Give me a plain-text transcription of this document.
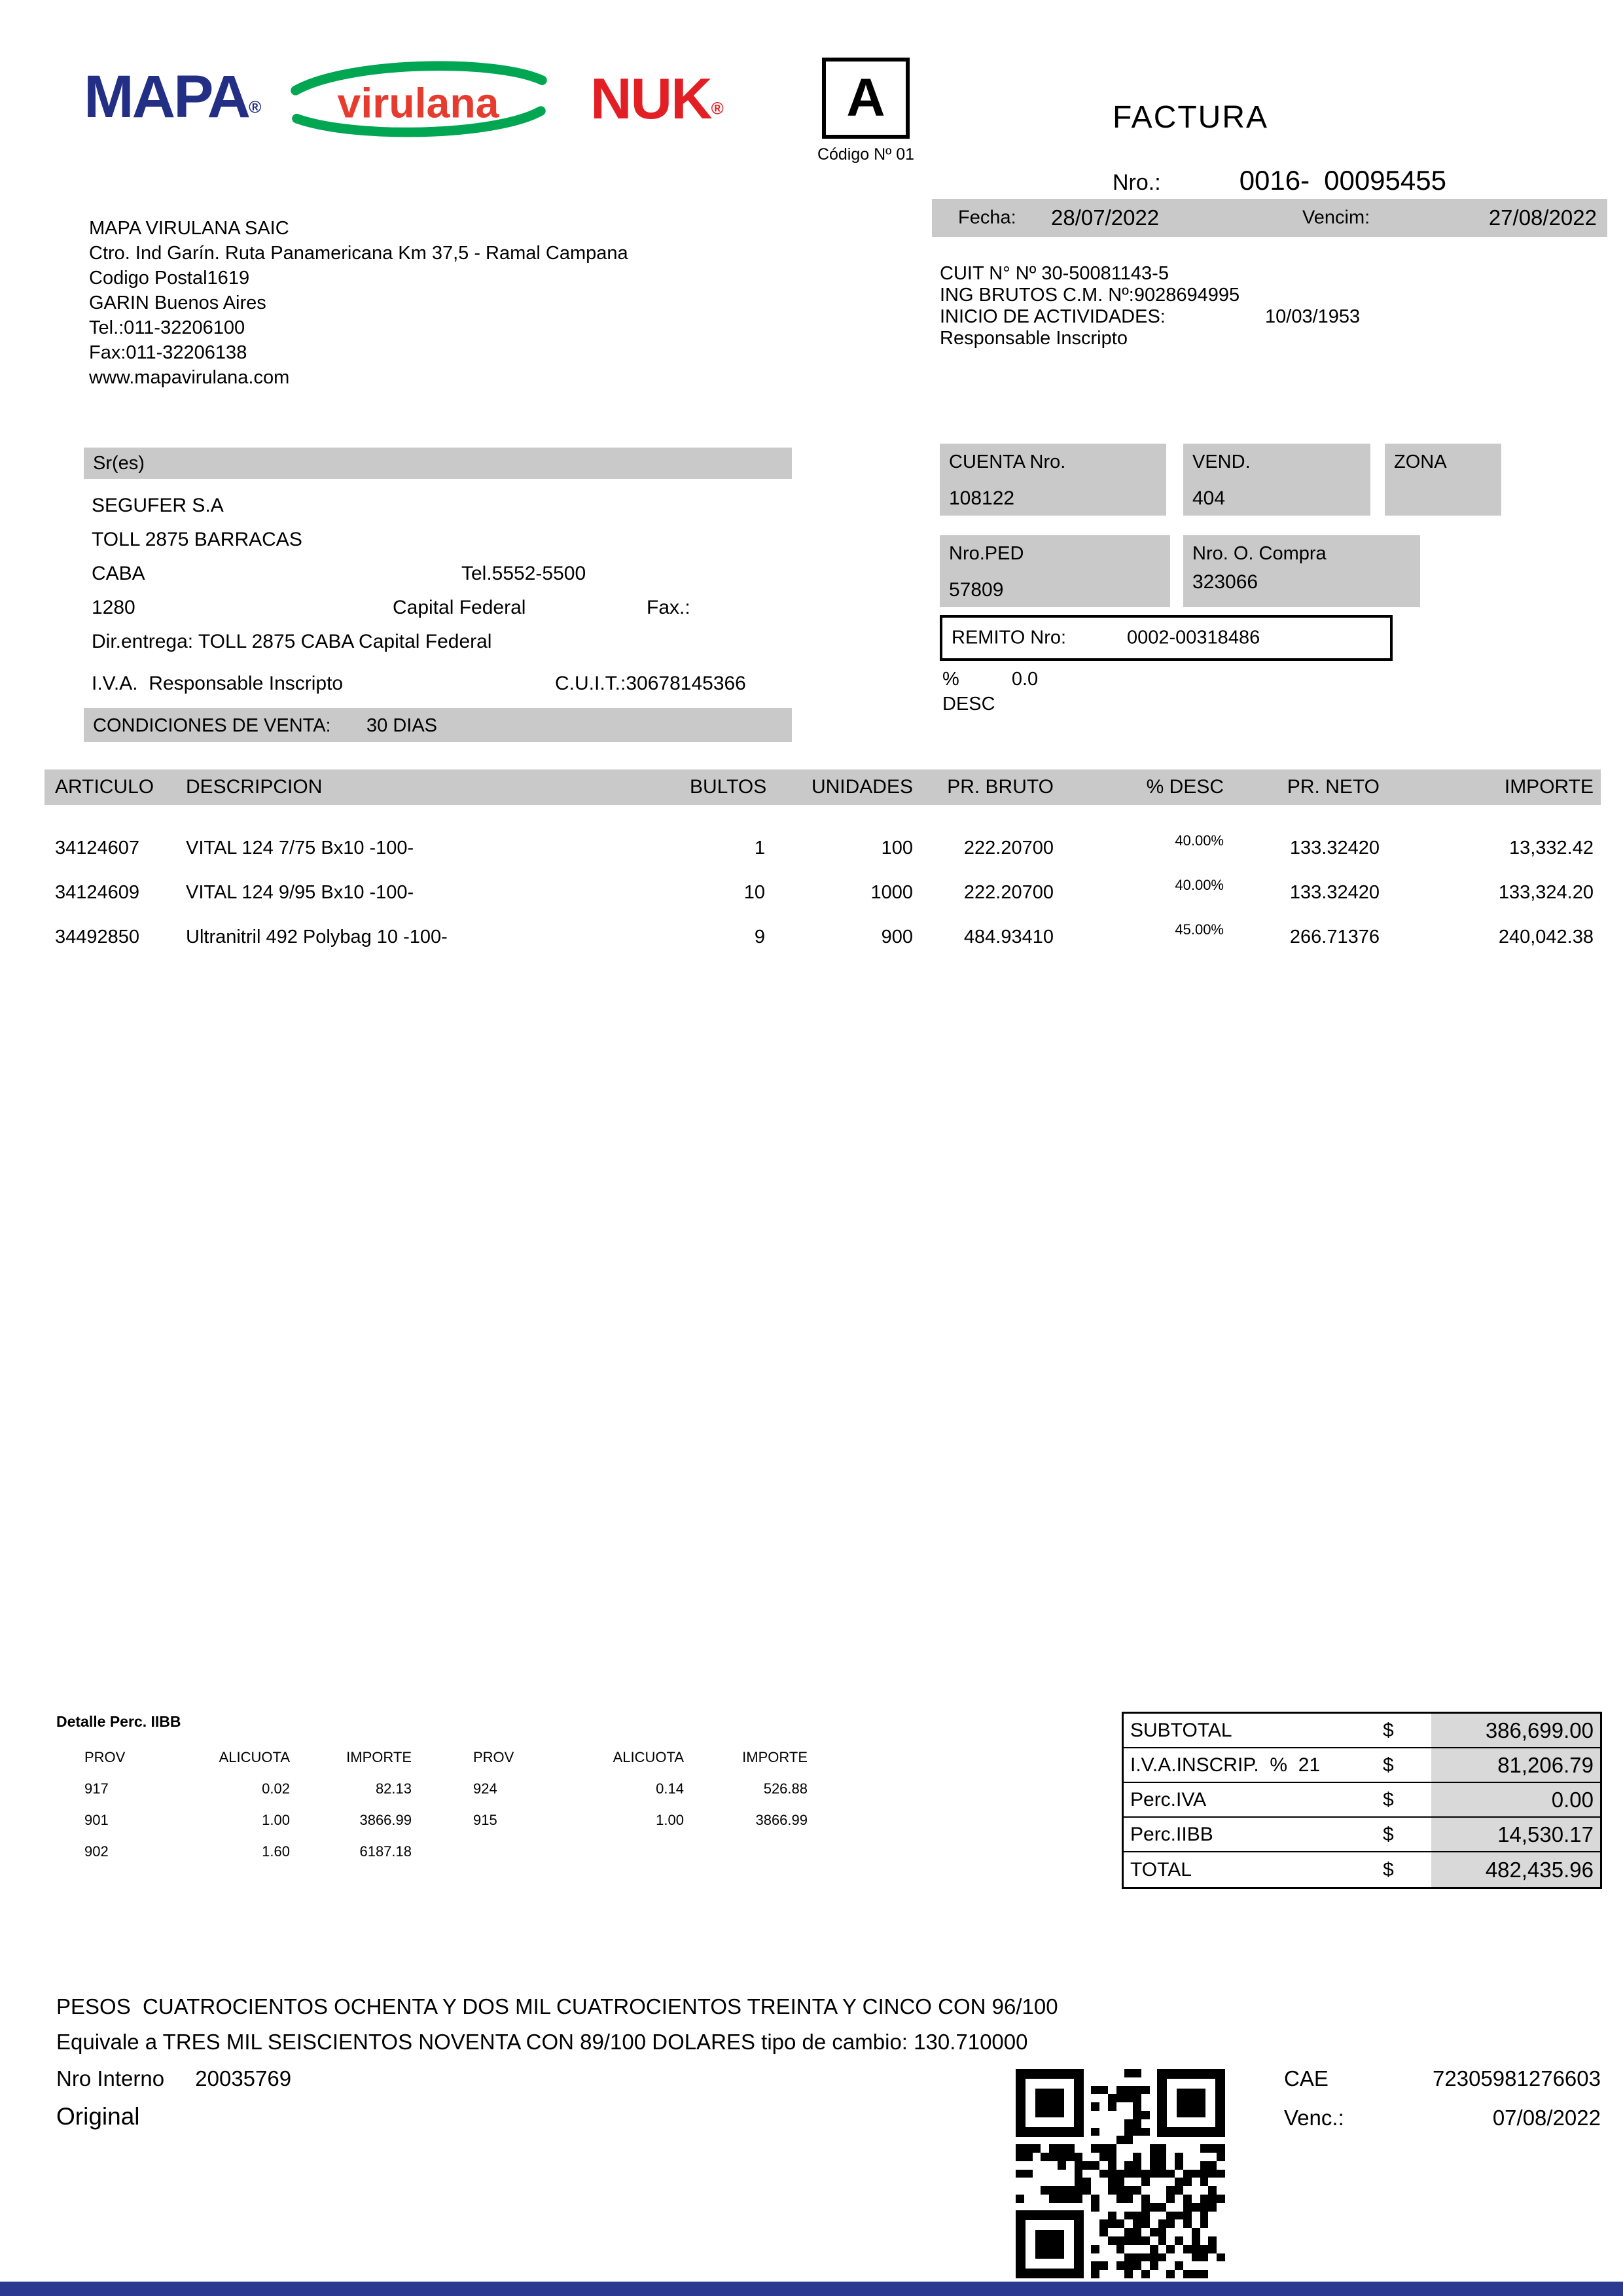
MAPA® virulana NUK® A
Código Nº 01
FACTURA
Nro.:	0016- 00095455
Fecha: 28/07/2022	Vencim:	27/08/2022
MAPA VIRULANA SAIC
Ctro. Ind Garín. Ruta Panamericana Km 37,5 - Ramal Campana
Codigo Postal1619
GARIN Buenos Aires
Tel.:011-32206100
Fax:011-32206138
www.mapavirulana.com
CUIT N° Nº 30-50081143-5
ING BRUTOS C.M. Nº:9028694995
INICIO DE ACTIVIDADES:	10/03/1953
Responsable Inscripto
Sr(es)
SEGUFER S.A
TOLL 2875 BARRACAS
CABA	Tel.5552-5500
1280	Capital Federal	Fax.:
Dir.entrega: TOLL 2875 CABA Capital Federal
I.V.A.  Responsable Inscripto	C.U.I.T.:30678145366
CONDICIONES DE VENTA: 30 DIAS
CUENTA Nro.
108122
VEND.
404
ZONA
Nro.PED
57809
Nro. O. Compra
323066
REMITO Nro:	0002-00318486
%	0.0
DESC
ARTICULO	DESCRIPCION	BULTOS	UNIDADES	PR. BRUTO	% DESC	PR. NETO	IMPORTE
34124607	VITAL 124 7/75 Bx10 -100-	1	100	222.20700	40.00%	133.32420	13,332.42
34124609	VITAL 124 9/95 Bx10 -100-	10	1000	222.20700	40.00%	133.32420	133,324.20
34492850	Ultranitril 492 Polybag 10 -100-	9	900	484.93410	45.00%	266.71376	240,042.38
Detalle Perc. IIBB
PROV	ALICUOTA	IMPORTE	PROV	ALICUOTA	IMPORTE
917	0.02	82.13	924	0.14	526.88
901	1.00	3866.99	915	1.00	3866.99
902	1.60	6187.18
SUBTOTAL	$	386,699.00
I.V.A.INSCRIP.  %  21	$	81,206.79
Perc.IVA	$	0.00
Perc.IIBB	$	14,530.17
TOTAL	$	482,435.96
PESOS  CUATROCIENTOS OCHENTA Y DOS MIL CUATROCIENTOS TREINTA Y CINCO CON 96/100
Equivale a TRES MIL SEISCIENTOS NOVENTA CON 89/100 DOLARES tipo de cambio: 130.710000
Nro Interno 20035769
Original
CAE	72305981276603
Venc.:	07/08/2022
